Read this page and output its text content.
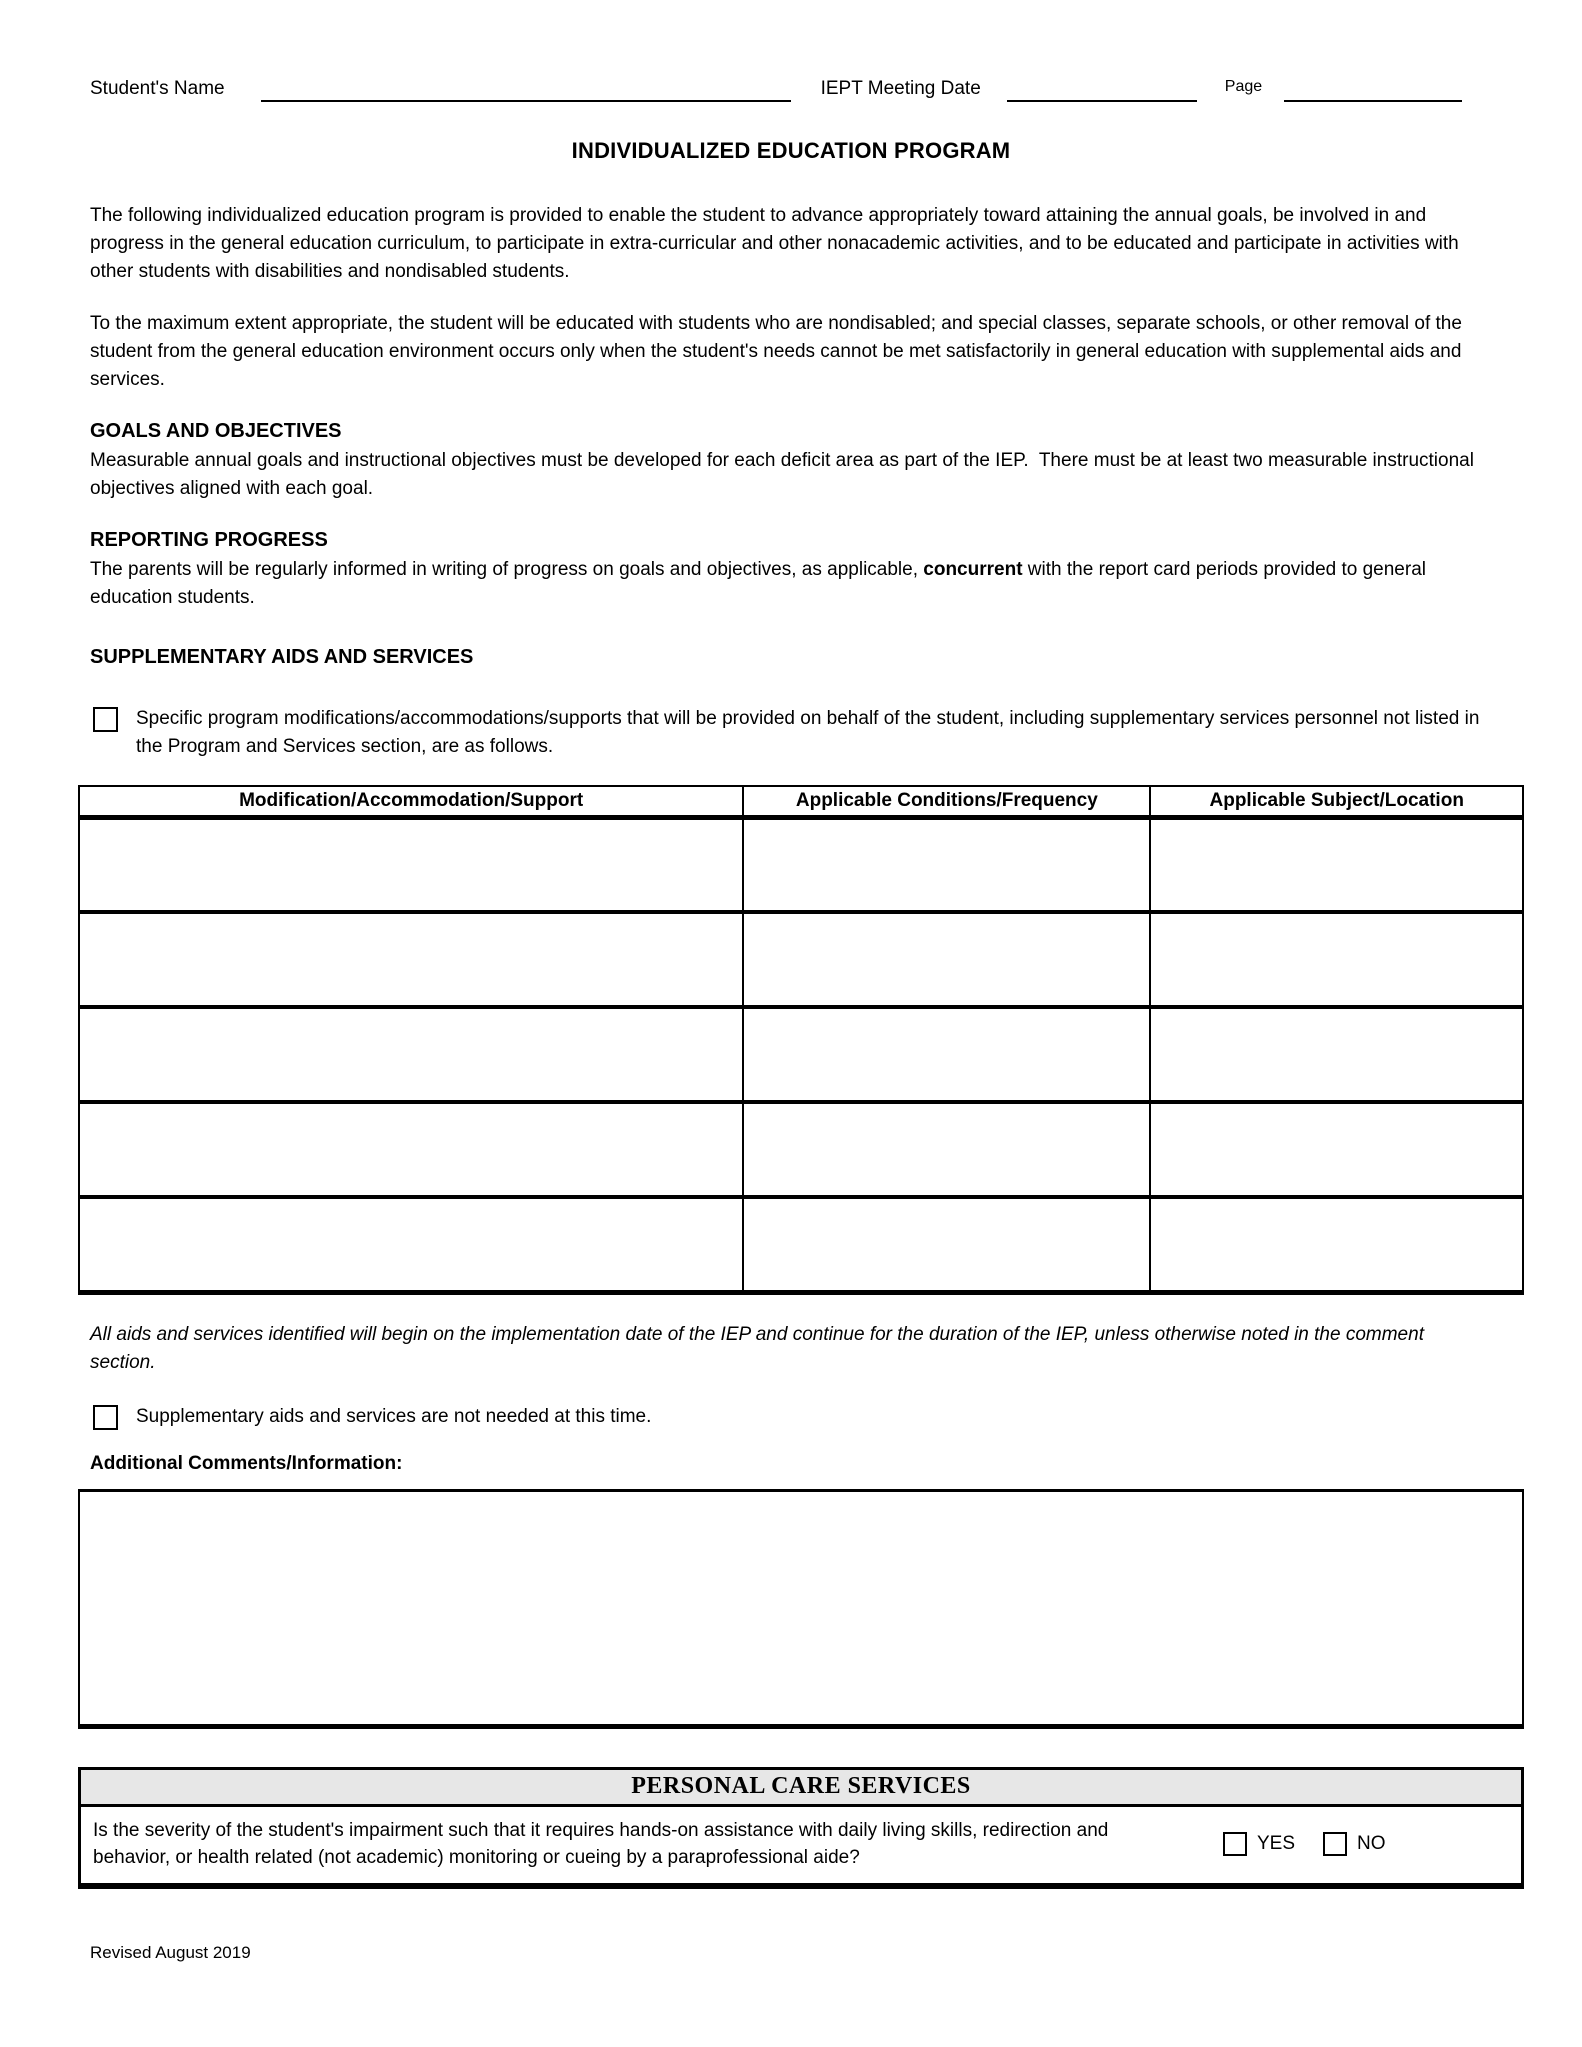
Student's Name	IEPT Meeting Date	Page
INDIVIDUALIZED EDUCATION PROGRAM

The following individualized education program is provided to enable the student to advance appropriately toward attaining the annual goals, be involved in and progress in the general education curriculum, to participate in extra-curricular and other nonacademic activities, and to be educated and participate in activities with other students with disabilities and nondisabled students.

To the maximum extent appropriate, the student will be educated with students who are nondisabled; and special classes, separate schools, or other removal of the student from the general education environment occurs only when the student's needs cannot be met satisfactorily in general education with supplemental aids and services.

GOALS AND OBJECTIVES

Measurable annual goals and instructional objectives must be developed for each deficit area as part of the IEP.  There must be at least two measurable instructional objectives aligned with each goal.

REPORTING PROGRESS

The parents will be regularly informed in writing of progress on goals and objectives, as applicable, concurrent with the report card periods provided to general education students.

SUPPLEMENTARY AIDS AND SERVICES
Specific program modifications/accommodations/supports that will be provided on behalf of the student, including supplementary services personnel not listed in the Program and Services section, are as follows.
Modification/Accommodation/Support	Applicable Conditions/Frequency	Applicable Subject/Location

All aids and services identified will begin on the implementation date of the IEP and continue for the duration of the IEP, unless otherwise noted in the comment section.

Supplementary aids and services are not needed at this time.
Additional Comments/Information:
PERSONAL CARE SERVICES
Is the severity of the student's impairment such that it requires hands-on assistance with daily living skills, redirection and behavior, or health related (not academic) monitoring or cueing by a paraprofessional aide?
YES	NO
Revised August 2019
